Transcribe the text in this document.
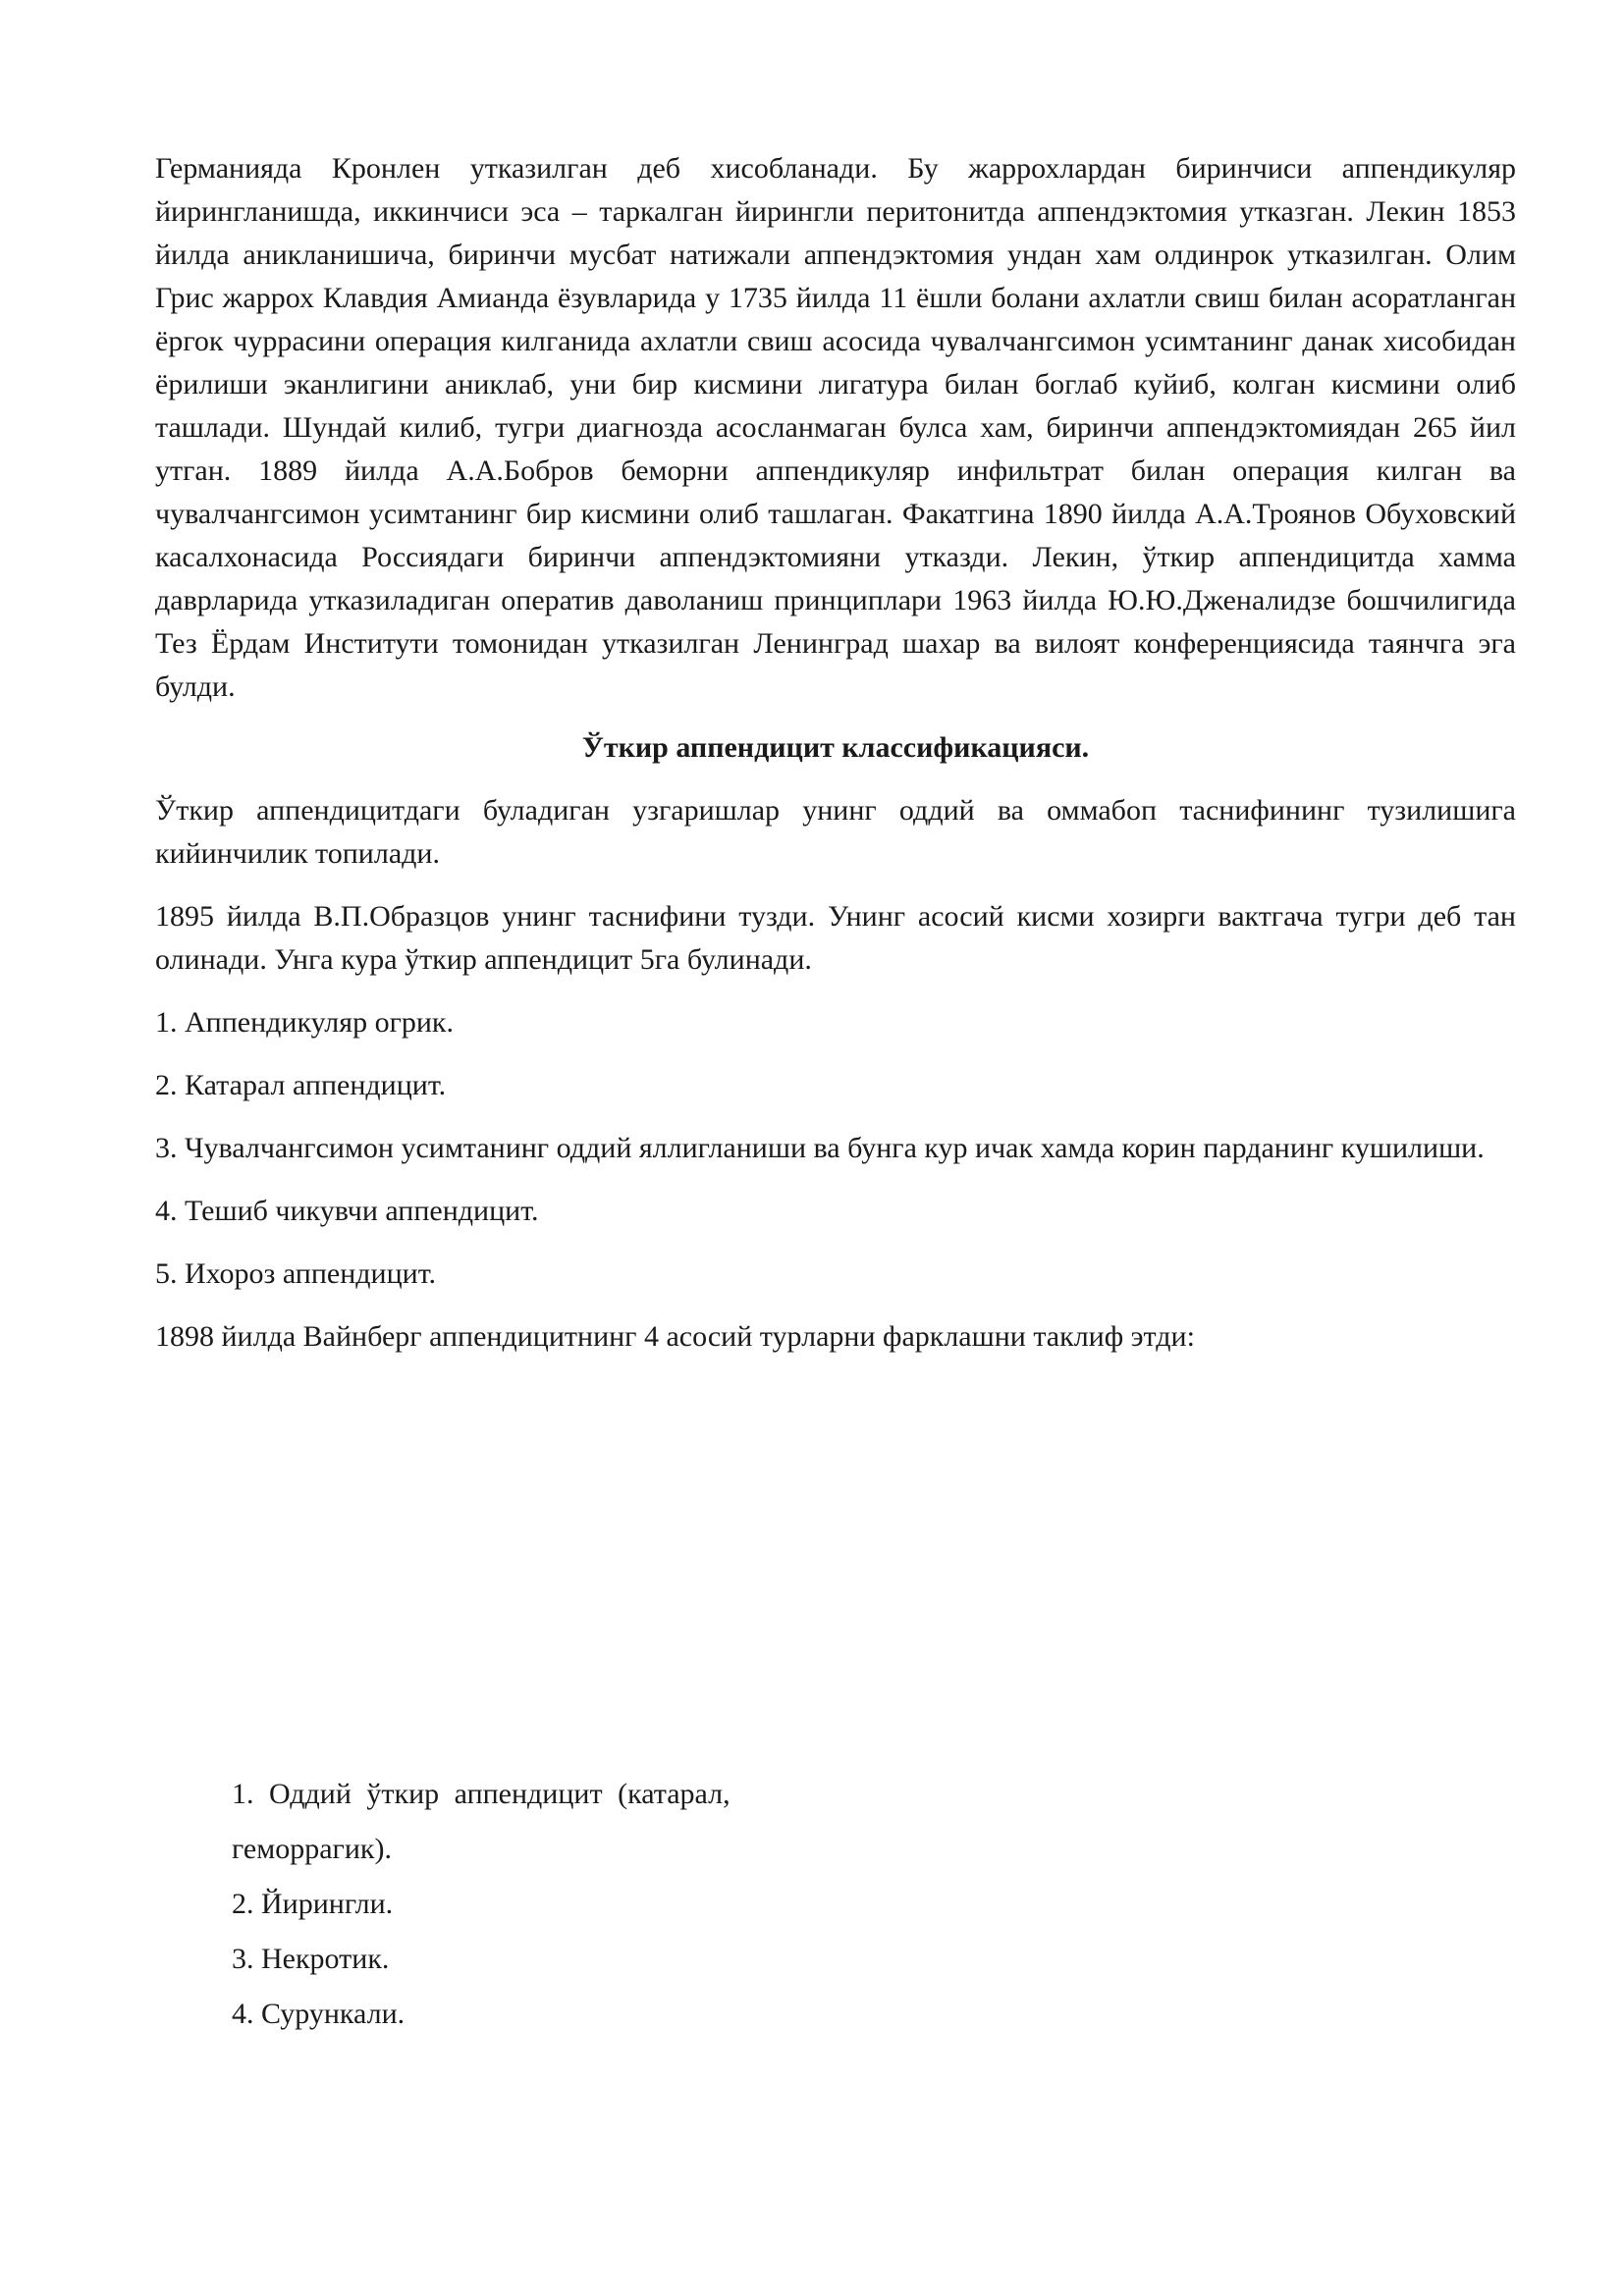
Германияда Кронлен утказилган деб хисобланади. Бу жаррохлардан биринчиси аппендикуляр йирингланишда, иккинчиси эса – таркалган йирингли перитонитда аппендэктомия утказган. Лекин 1853 йилда аникланишича, биринчи мусбат натижали аппендэктомия ундан хам олдинрок утказилган. Олим Грис жаррох Клавдия Амианда ёзувларида у 1735 йилда 11 ёшли болани ахлатли свиш билан асоратланган ёргок чуррасини операция килганида ахлатли свиш асосида чувалчангсимон усимтанинг данак хисобидан ёрилиши эканлигини аниклаб, уни бир кисмини лигатура билан боглаб куйиб, колган кисмини олиб ташлади. Шундай килиб, тугри диагнозда асосланмаган булса хам, биринчи аппендэктомиядан 265 йил утган. 1889 йилда А.А.Бобров беморни аппендикуляр инфильтрат билан операция килган ва чувалчангсимон усимтанинг бир кисмини олиб ташлаган. Факатгина 1890 йилда А.А.Троянов Обуховский касалхонасида Россиядаги биринчи аппендэктомияни утказди. Лекин, ўткир аппендицитда хамма даврларида утказиладиган оператив даволаниш принциплари 1963 йилда Ю.Ю.Дженалидзе бошчилигида Тез Ёрдам Институти томонидан утказилган Ленинград шахар ва вилоят конференциясида таянчга эга булди.

Ўткир аппендицит классификацияси.

Ўткир аппендицитдаги буладиган узгаришлар унинг оддий ва оммабоп таснифининг тузилишига кийинчилик топилади.

1895 йилда В.П.Образцов унинг таснифини тузди. Унинг асосий кисми хозирги вактгача тугри деб тан олинади. Унга кура ўткир аппендицит 5га булинади.

1. Аппендикуляр огрик.

2. Катарал аппендицит.

3. Чувалчангсимон усимтанинг оддий яллигланиши ва бунга кур ичак хамда корин парданинг кушилиши.

4. Тешиб чикувчи аппендицит.

5. Ихороз аппендицит.

1898 йилда Вайнберг аппендицитнинг 4 асосий турларни фарклашни таклиф этди:

1. Оддий ўткир аппендицит (катарал,
геморрагик).
2. Йирингли.
3. Некротик.
4. Сурункали.
